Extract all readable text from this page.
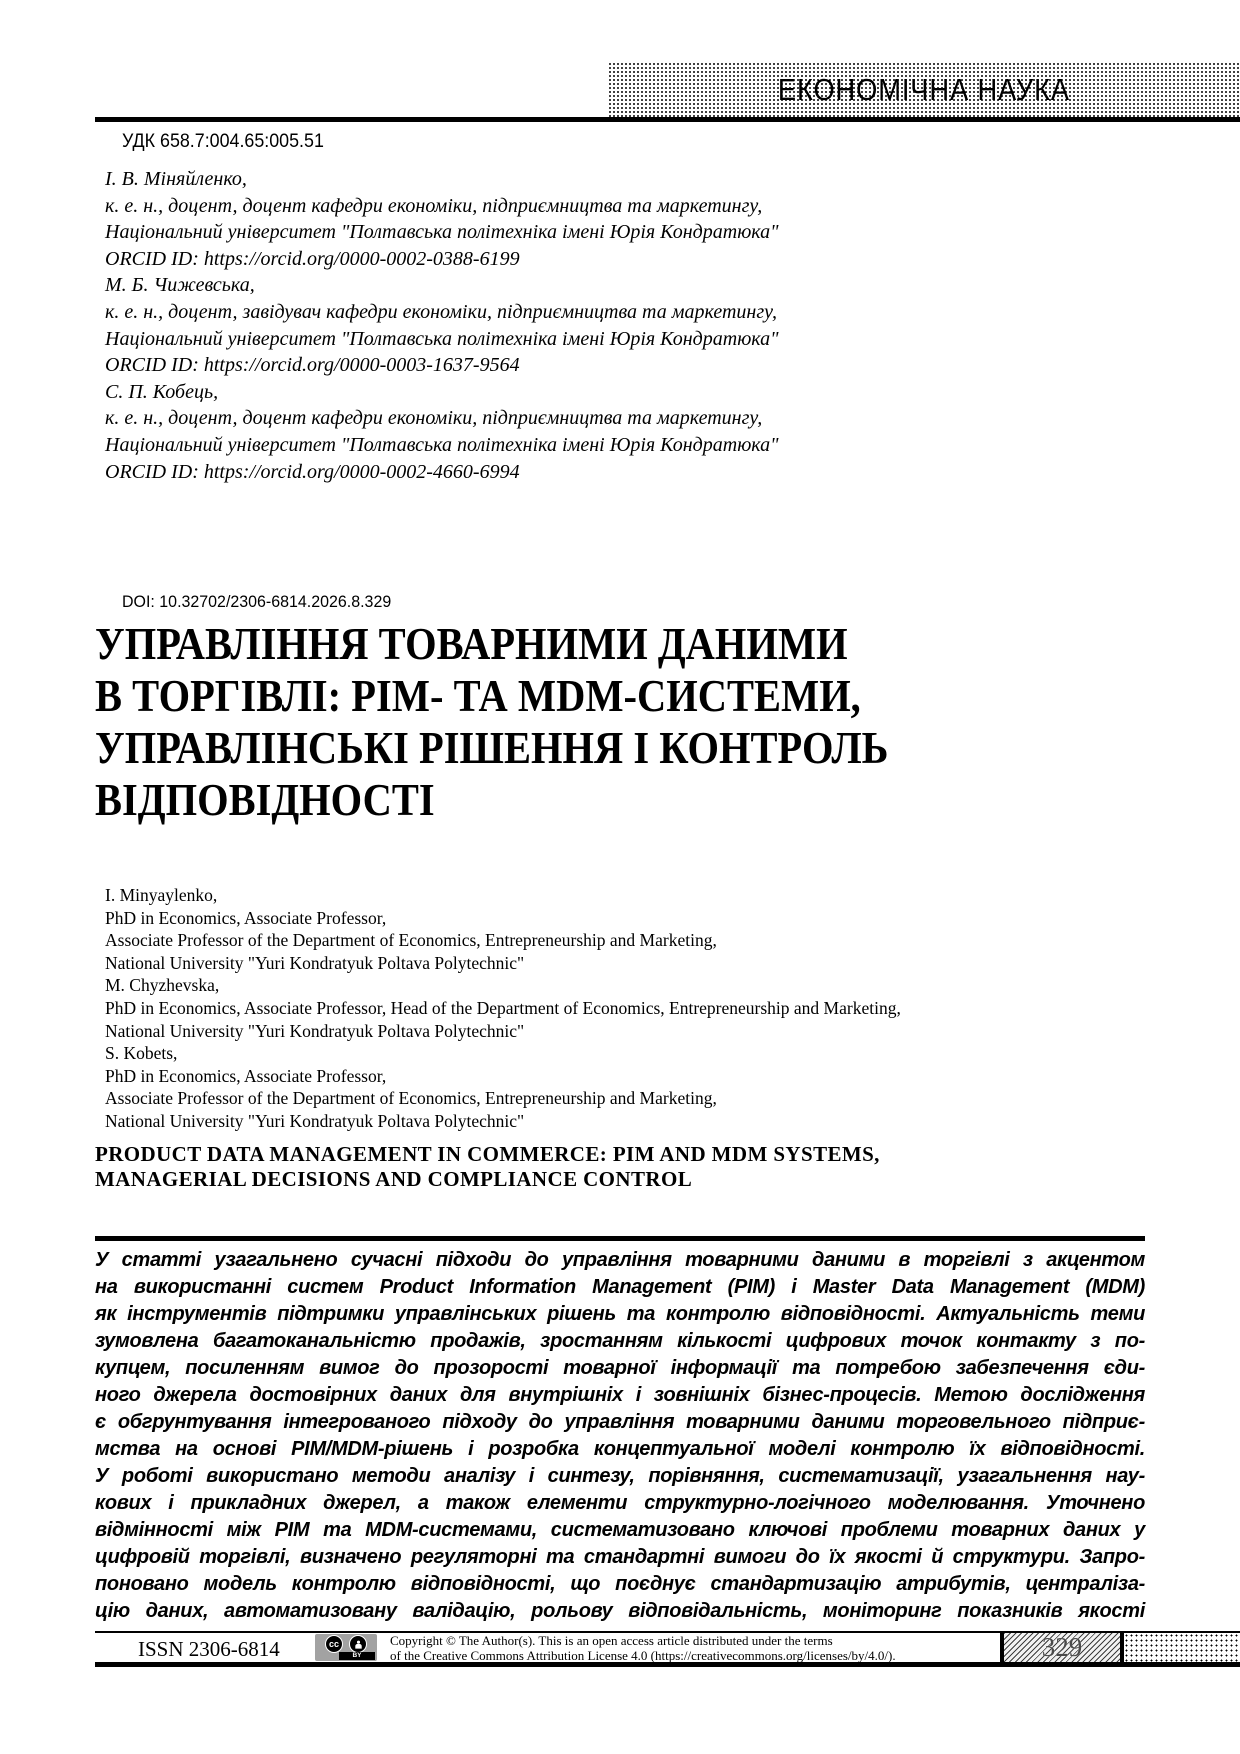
ЕКОНОМІЧНА НАУКА
УДК 658.7:004.65:005.51
І. В. Міняйленко,
к. е. н., доцент, доцент кафедри економіки, підприємництва та маркетингу,
Національний університет "Полтавська політехніка імені Юрія Кондратюка"
ORCID ID: https://orcid.org/0000-0002-0388-6199
М. Б. Чижевська,
к. е. н., доцент, завідувач кафедри економіки, підприємництва та маркетингу,
Національний університет "Полтавська політехніка імені Юрія Кондратюка"
ORCID ID: https://orcid.org/0000-0003-1637-9564
С. П. Кобець,
к. е. н., доцент, доцент кафедри економіки, підприємництва та маркетингу,
Національний університет "Полтавська політехніка імені Юрія Кондратюка"
ORCID ID: https://orcid.org/0000-0002-4660-6994
DOI: 10.32702/2306-6814.2026.8.329
УПРАВЛІННЯ ТОВАРНИМИ ДАНИМИ
В ТОРГІВЛІ: PIM- ТА MDM-СИСТЕМИ,
УПРАВЛІНСЬКІ РІШЕННЯ І КОНТРОЛЬ
ВІДПОВІДНОСТІ
I. Minyaylenko,
PhD in Economics, Associate Professor,
Associate Professor of the Department of Economics, Entrepreneurship and Marketing,
National University "Yuri Kondratyuk Poltava Polytechnic"
M. Chyzhevska,
PhD in Economics, Associate Professor, Head of the Department of Economics, Entrepreneurship and Marketing,
National University "Yuri Kondratyuk Poltava Polytechnic"
S. Kobets,
PhD in Economics, Associate Professor,
Associate Professor of the Department of Economics, Entrepreneurship and Marketing,
National University "Yuri Kondratyuk Poltava Polytechnic"
PRODUCT DATA MANAGEMENT IN COMMERCE: PIM AND MDM SYSTEMS,
MANAGERIAL DECISIONS AND COMPLIANCE CONTROL
У статті узагальнено сучасні підходи до управління товарними даними в торгівлі з акцентом
на використанні систем Product Information Management (PIM) і Master Data Management (MDM)
як інструментів підтримки управлінських рішень та контролю відповідності. Актуальність теми
зумовлена багатоканальністю продажів, зростанням кількості цифрових точок контакту з по-
купцем, посиленням вимог до прозорості товарної інформації та потребою забезпечення єди-
ного джерела достовірних даних для внутрішніх і зовнішніх бізнес-процесів. Метою дослідження
є обгрунтування інтегрованого підходу до управління товарними даними торговельного підприє-
мства на основі PIM/MDM-рішень і розробка концептуальної моделі контролю їх відповідності.
У роботі використано методи аналізу і синтезу, порівняння, систематизації, узагальнення нау-
кових і прикладних джерел, а також елементи структурно-логічного моделювання. Уточнено
відмінності між PIM та MDM-системами, систематизовано ключові проблеми товарних даних у
цифровій торгівлі, визначено регуляторні та стандартні вимоги до їх якості й структури. Запро-
поновано модель контролю відповідності, що поєднує стандартизацію атрибутів, централіза-
цію даних, автоматизовану валідацію, рольову відповідальність, моніторинг показників якості
ISSN 2306-6814	cc
BY
Copyright © The Author(s). This is an open access article distributed under the terms
of the Creative Commons Attribution License 4.0 (https://creativecommons.org/licenses/by/4.0/).	329
